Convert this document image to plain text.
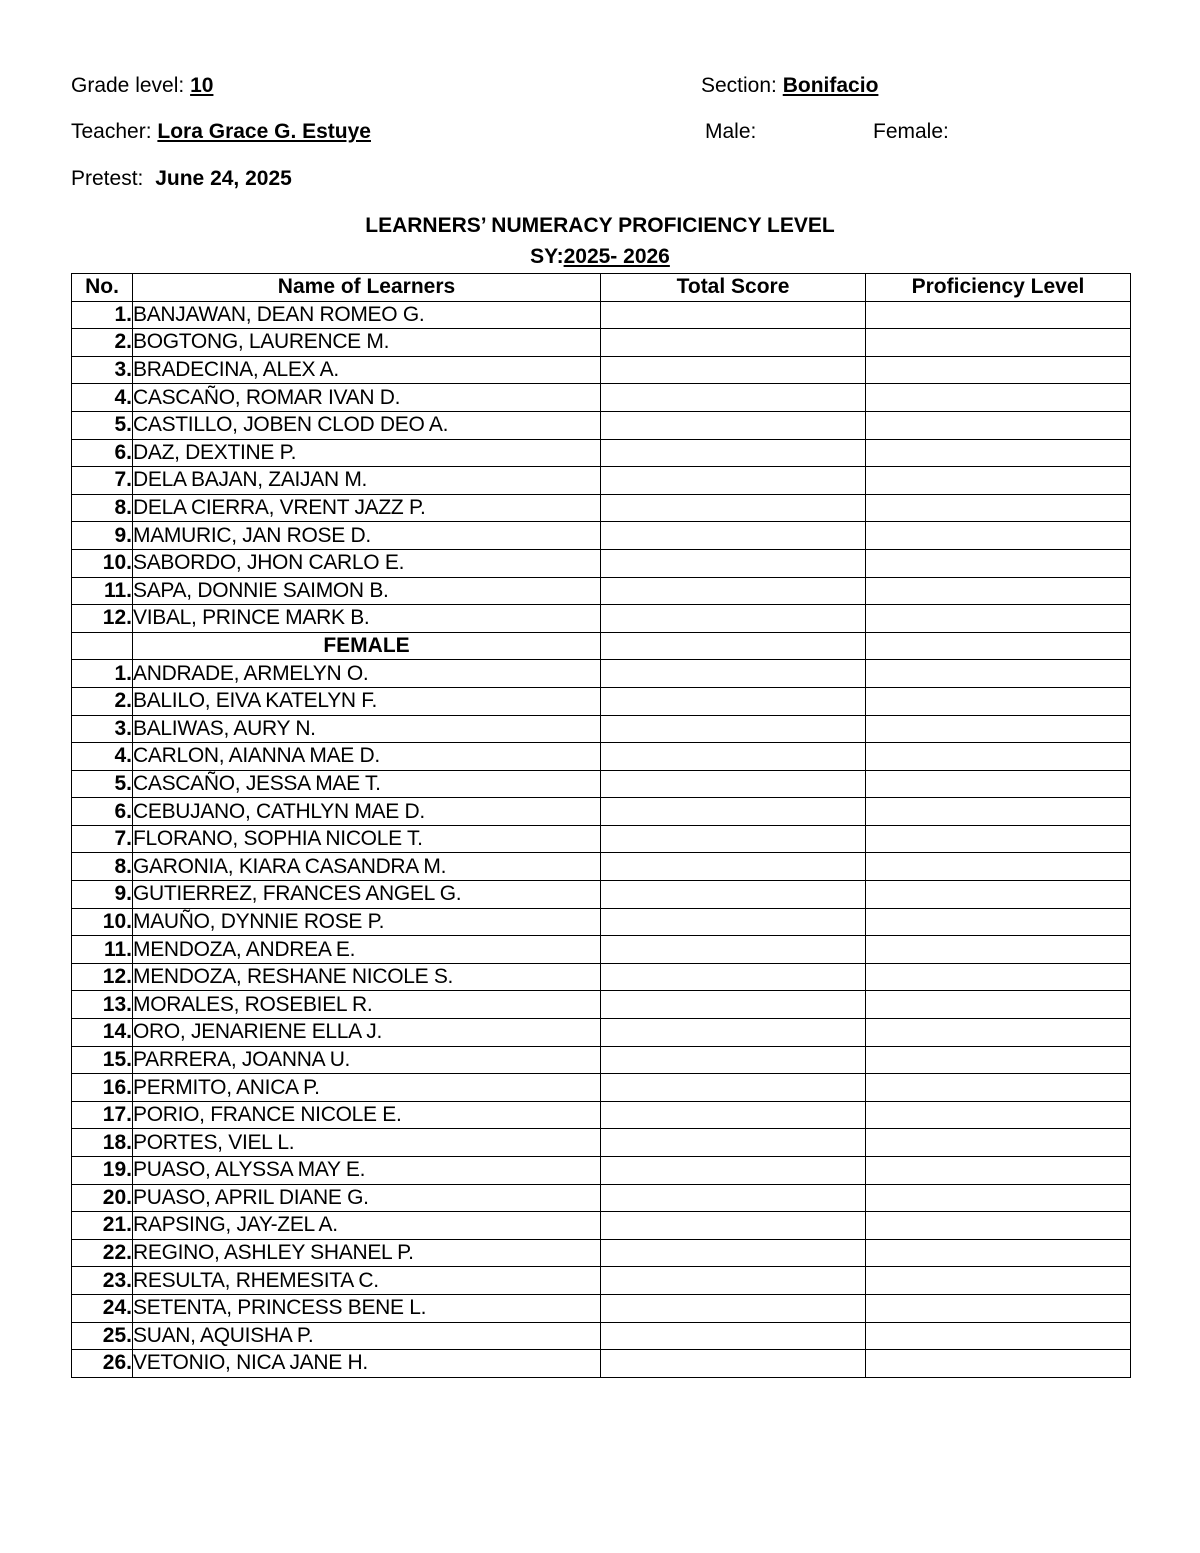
Grade level: 10	Section: Bonifacio
Teacher: Lora Grace G. Estuye	Male:	Female:
Pretest: June 24, 2025
LEARNERS’ NUMERACY PROFICIENCY LEVEL
SY:2025- 2026
No.	Name of Learners	Total Score	Proficiency Level
1.	BANJAWAN, DEAN ROMEO G.		
2.	BOGTONG, LAURENCE M.		
3.	BRADECINA, ALEX A.		
4.	CASCAÑO, ROMAR IVAN D.		
5.	CASTILLO, JOBEN CLOD DEO A.		
6.	DAZ, DEXTINE P.		
7.	DELA BAJAN, ZAIJAN M.		
8.	DELA CIERRA, VRENT JAZZ P.		
9.	MAMURIC, JAN ROSE D.		
10.	SABORDO, JHON CARLO E.		
11.	SAPA, DONNIE SAIMON B.		
12.	VIBAL, PRINCE MARK B.		
	FEMALE		
1.	ANDRADE, ARMELYN O.		
2.	BALILO, EIVA KATELYN F.		
3.	BALIWAS, AURY N.		
4.	CARLON, AIANNA MAE D.		
5.	CASCAÑO, JESSA MAE T.		
6.	CEBUJANO, CATHLYN MAE D.		
7.	FLORANO, SOPHIA NICOLE T.		
8.	GARONIA, KIARA CASANDRA M.		
9.	GUTIERREZ, FRANCES ANGEL G.		
10.	MAUÑO, DYNNIE ROSE P.		
11.	MENDOZA, ANDREA E.		
12.	MENDOZA, RESHANE NICOLE S.		
13.	MORALES, ROSEBIEL R.		
14.	ORO, JENARIENE ELLA J.		
15.	PARRERA, JOANNA U.		
16.	PERMITO, ANICA P.		
17.	PORIO, FRANCE NICOLE E.		
18.	PORTES, VIEL L.		
19.	PUASO, ALYSSA MAY E.		
20.	PUASO, APRIL DIANE G.		
21.	RAPSING, JAY-ZEL A.		
22.	REGINO, ASHLEY SHANEL P.		
23.	RESULTA, RHEMESITA C.		
24.	SETENTA, PRINCESS BENE L.		
25.	SUAN, AQUISHA P.		
26.	VETONIO, NICA JANE H.		
